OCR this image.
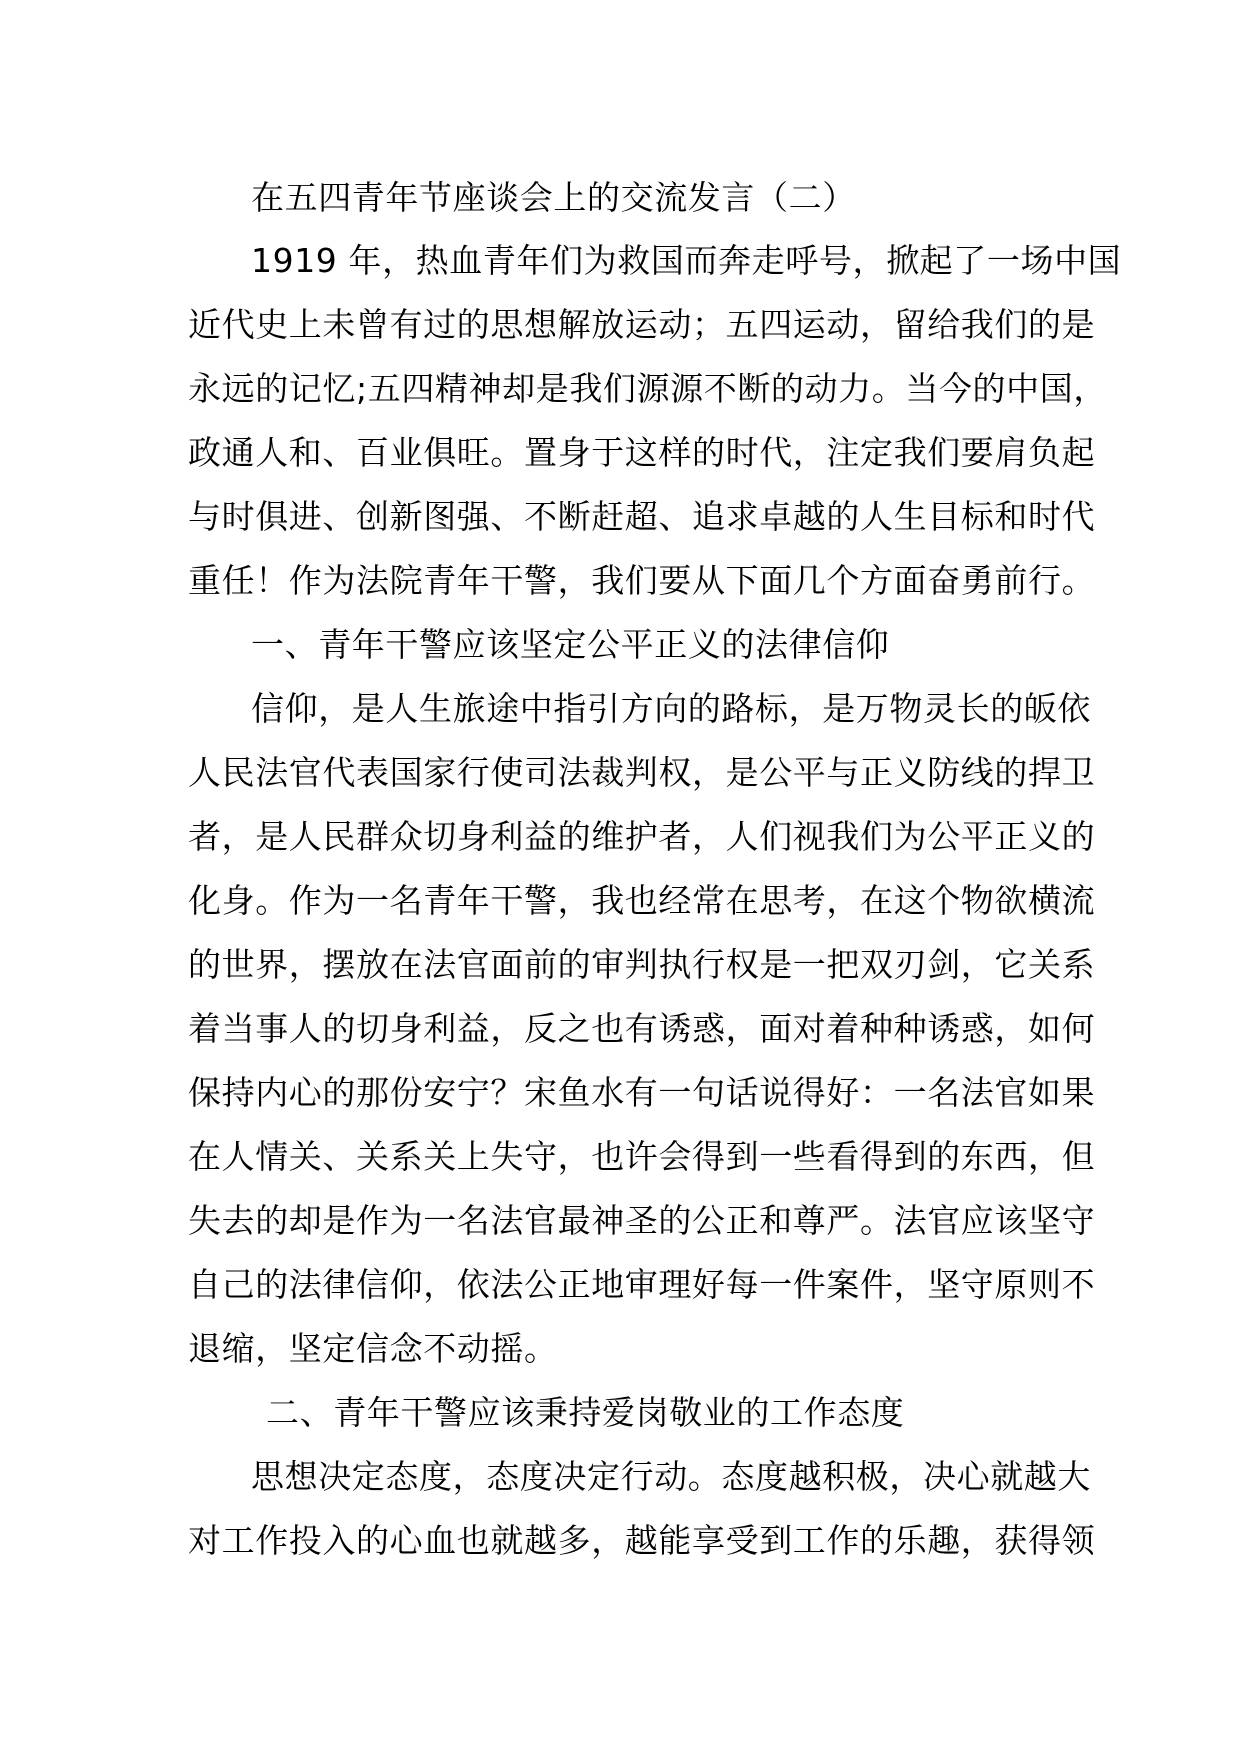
在五四青年节座谈会上的交流发言（二）
1919 年，热血青年们为救国而奔走呼号，掀起了一场中国
近代史上未曾有过的思想解放运动；五四运动，留给我们的是
永远的记忆;五四精神却是我们源源不断的动力。当今的中国，
政通人和、百业俱旺。置身于这样的时代，注定我们要肩负起
与时俱进、创新图强、不断赶超、追求卓越的人生目标和时代
重任！作为法院青年干警，我们要从下面几个方面奋勇前行。
一、青年干警应该坚定公平正义的法律信仰
信仰，是人生旅途中指引方向的路标，是万物灵长的皈依
人民法官代表国家行使司法裁判权，是公平与正义防线的捍卫
者，是人民群众切身利益的维护者，人们视我们为公平正义的
化身。作为一名青年干警，我也经常在思考，在这个物欲横流
的世界，摆放在法官面前的审判执行权是一把双刃剑，它关系
着当事人的切身利益，反之也有诱惑，面对着种种诱惑，如何
保持内心的那份安宁？宋鱼水有一句话说得好：一名法官如果
在人情关、关系关上失守，也许会得到一些看得到的东西，但
失去的却是作为一名法官最神圣的公正和尊严。法官应该坚守
自己的法律信仰，依法公正地审理好每一件案件，坚守原则不
退缩，坚定信念不动摇。
二、青年干警应该秉持爱岗敬业的工作态度
思想决定态度，态度决定行动。态度越积极，决心就越大
对工作投入的心血也就越多，越能享受到工作的乐趣，获得领
